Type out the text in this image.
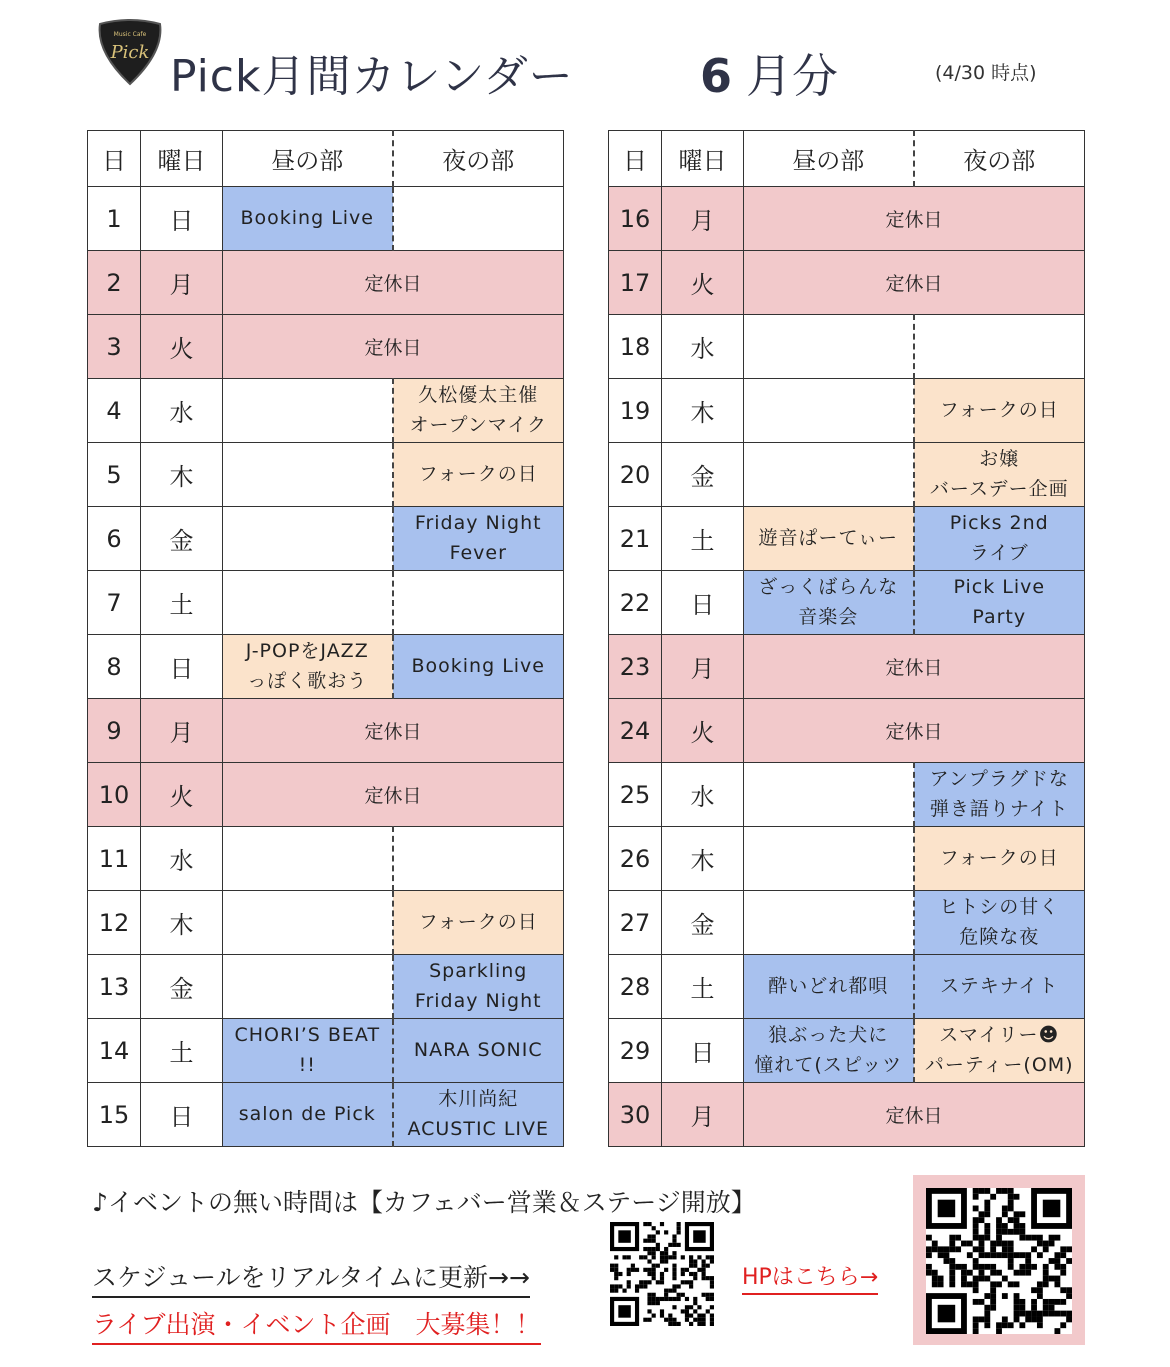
Pick
Music Cafe
Pick月間カレンダー	6 月分	(4/30 時点)
日	曜日	昼の部	夜の部
1	日	Booking Live	
2	月	定休日	
3	火	定休日	
4	水		久松優太主催
オープンマイク
5	木		フォークの日
6	金		Friday Night
Fever
7	土		
8	日	J-POPをJAZZ
っぽく歌おう	Booking Live
9	月	定休日	
10	火	定休日	
11	水		
12	木		フォークの日
13	金		Sparkling
Friday Night
14	土	CHORI’S BEAT !!	NARA SONIC
15	日	salon de Pick	木川尚紀
ACUSTIC LIVE
日	曜日	昼の部	夜の部
16	月	定休日	
17	火	定休日	
18	水		
19	木		フォークの日
20	金		お嬢
バースデー企画
21	土	遊音ぱーてぃー	Picks 2nd
ライブ
22	日	ざっくばらんな
音楽会	Pick Live
Party
23	月	定休日	
24	火	定休日	
25	水		アンプラグドな
弾き語りナイト
26	木		フォークの日
27	金		ヒトシの甘く
危険な夜
28	土	酔いどれ都唄	ステキナイト
29	日	狼ぶった犬に
憧れて(スピッツ	スマイリー☻
パーティー(OM)
30	月	定休日	
♪イベントの無い時間は【カフェバー営業＆ステージ開放】
スケジュールをリアルタイムに更新→→
ライブ出演・イベント企画　大募集！！
HPはこちら→
